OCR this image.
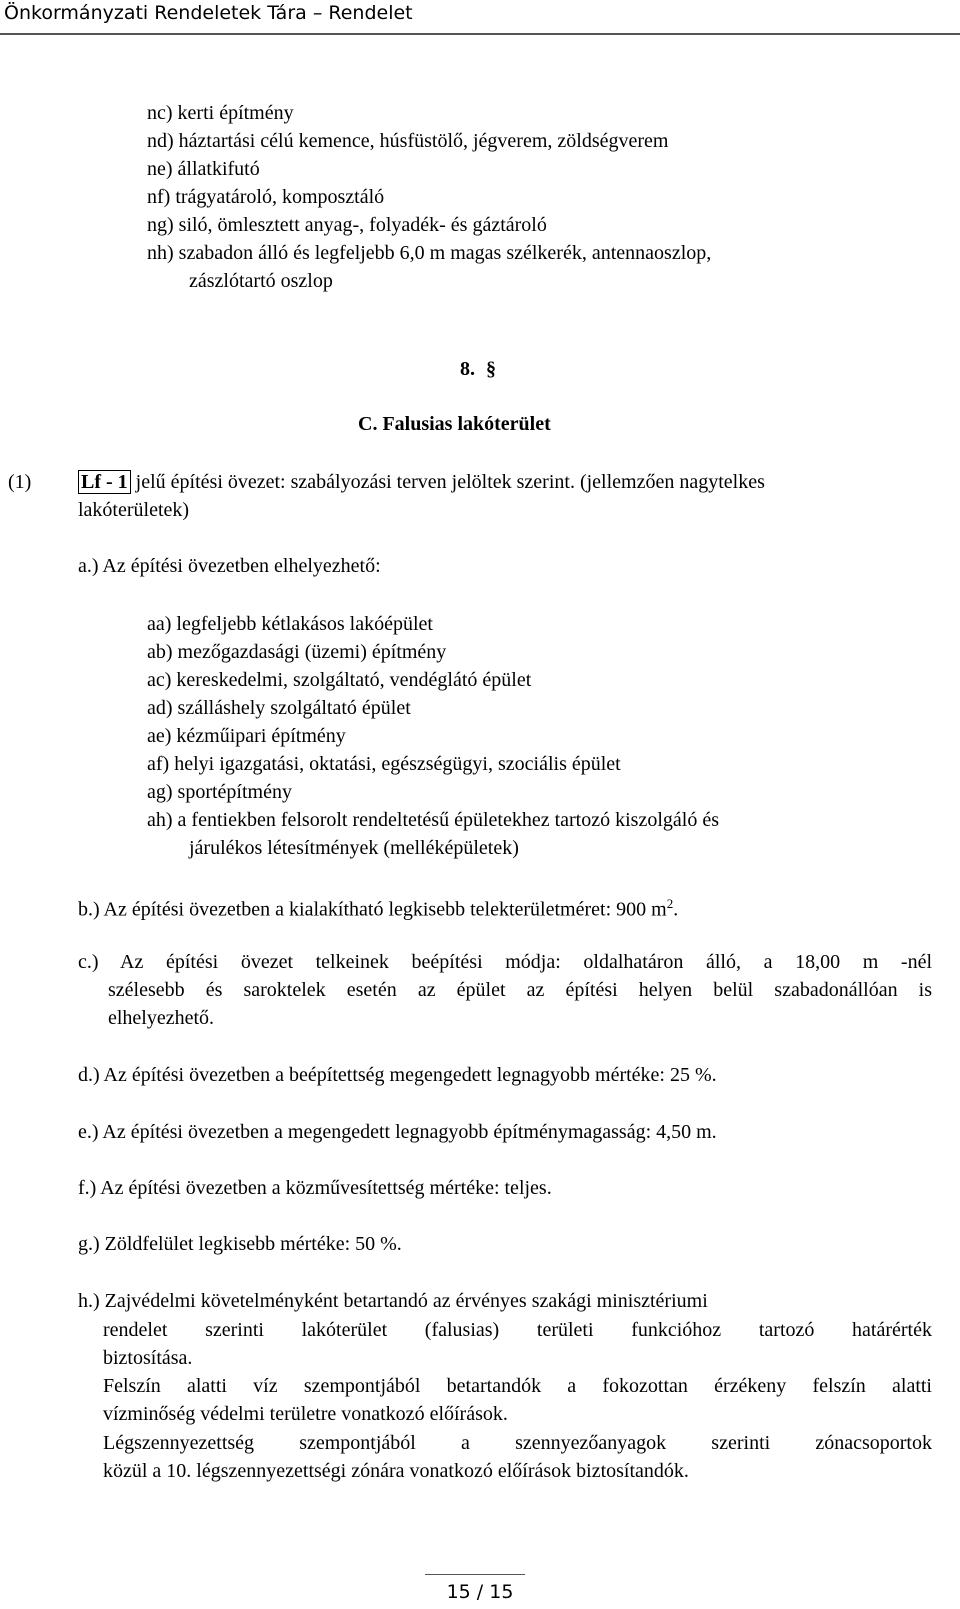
Önkormányzati Rendeletek Tára – Rendelet
nc) kerti építmény
nd) háztartási célú kemence, húsfüstölő, jégverem, zöldségverem
ne) állatkifutó
nf) trágyatároló, komposztáló
ng) siló, ömlesztett anyag-, folyadék- és gáztároló
nh) szabadon álló és legfeljebb 6,0 m magas szélkerék, antennaoszlop,
zászlótartó oszlop
8. §
C. Falusias lakóterület
(1) Lf - 1 jelű építési övezet: szabályozási terven jelöltek szerint. (jellemzően nagytelkes
lakóterületek)
a.) Az építési övezetben elhelyezhető:
aa) legfeljebb kétlakásos lakóépület
ab) mezőgazdasági (üzemi) építmény
ac) kereskedelmi, szolgáltató, vendéglátó épület
ad) szálláshely szolgáltató épület
ae) kézműipari építmény
af) helyi igazgatási, oktatási, egészségügyi, szociális épület
ag) sportépítmény
ah) a fentiekben felsorolt rendeltetésű épületekhez tartozó kiszolgáló és
járulékos létesítmények (melléképületek)
b.) Az építési övezetben a kialakítható legkisebb telekterületméret: 900 $m^2$.
c.) Az építési övezet telkeinek beépítési módja: oldalhatáron álló, a 18,00 m -nél
szélesebb és saroktelek esetén az épület az építési helyen belül szabadonállóan is
elhelyezhető.
d.) Az építési övezetben a beépítettség megengedett legnagyobb mértéke: 25 %.
e.) Az építési övezetben a megengedett legnagyobb építménymagasság: 4,50 m.
f.) Az építési övezetben a közművesítettség mértéke: teljes.
g.) Zöldfelület legkisebb mértéke: 50 %.
h.) Zajvédelmi követelményként betartandó az érvényes szakági minisztériumi
rendelet szerinti lakóterület (falusias) területi funkcióhoz tartozó határérték
biztosítása.
Felszín alatti víz szempontjából betartandók a fokozottan érzékeny felszín alatti
vízminőség védelmi területre vonatkozó előírások.
Légszennyezettség szempontjából a szennyezőanyagok szerinti zónacsoportok
közül a 10. légszennyezettségi zónára vonatkozó előírások biztosítandók.
15 / 15
